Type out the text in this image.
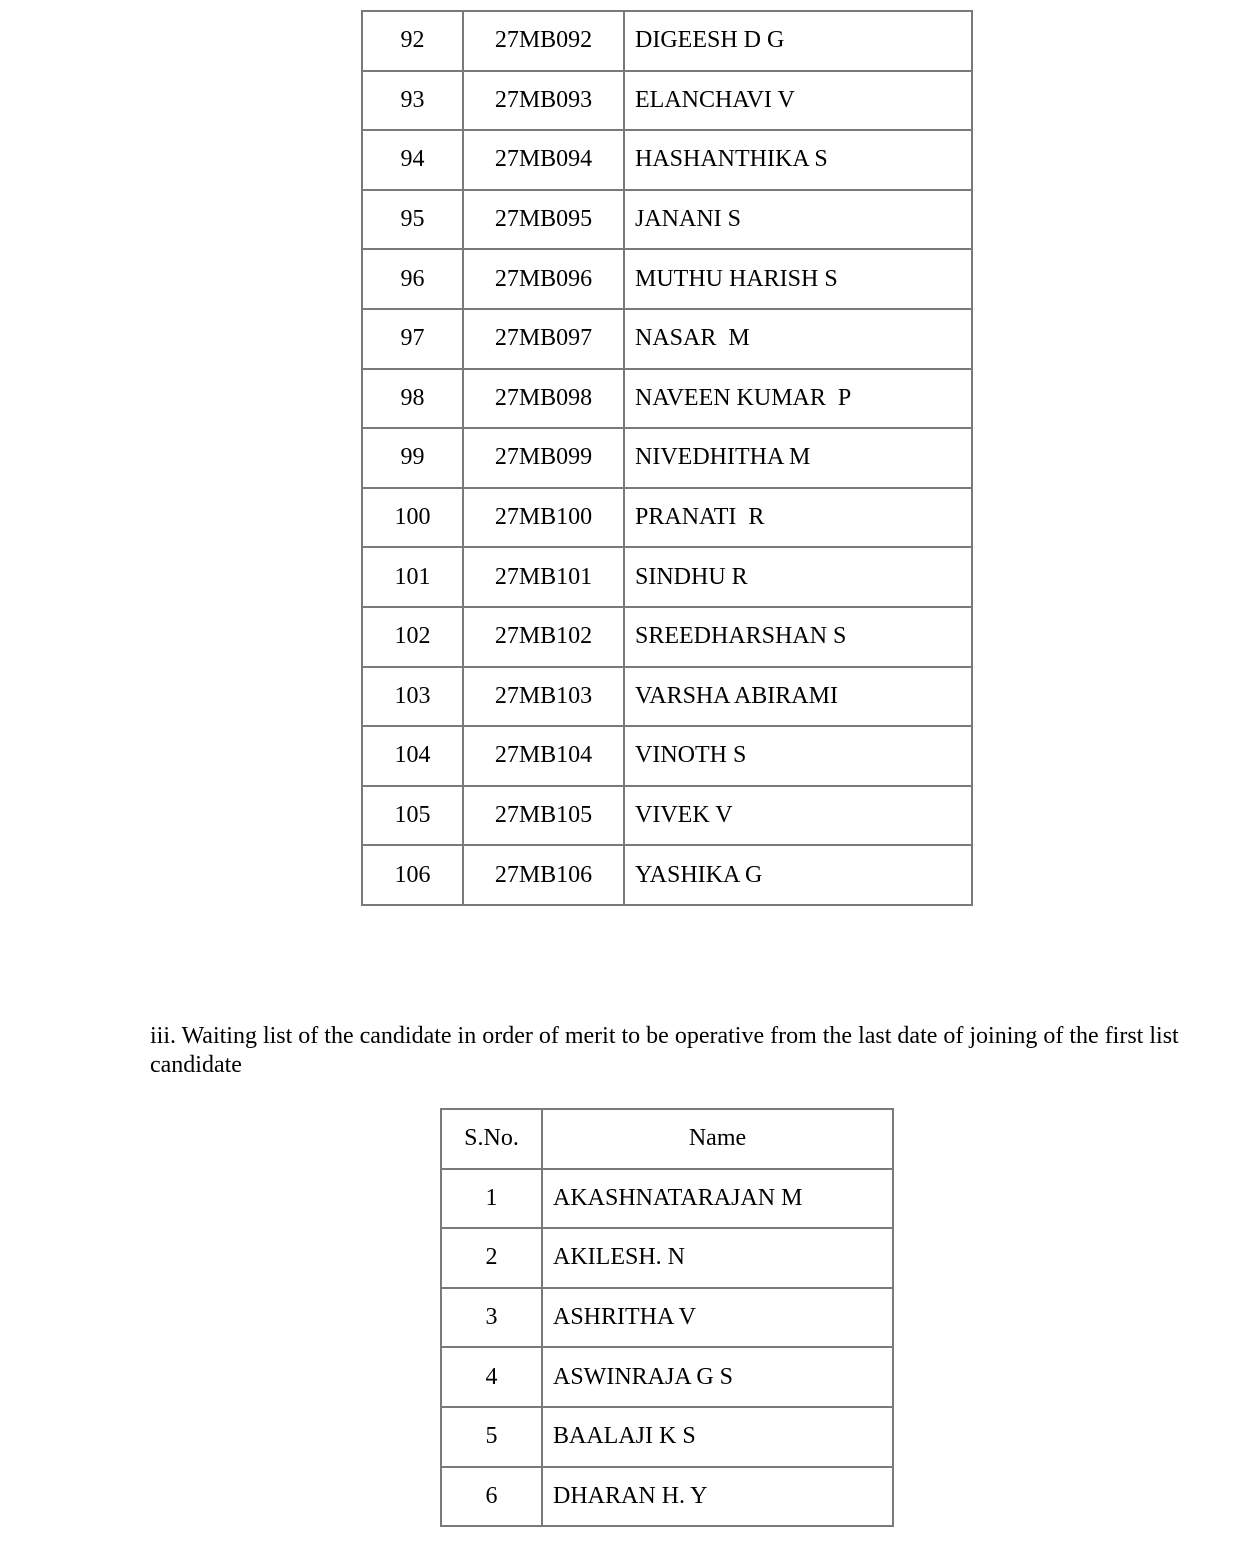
92	27MB092	DIGEESH D G
93	27MB093	ELANCHAVI V
94	27MB094	HASHANTHIKA S
95	27MB095	JANANI S
96	27MB096	MUTHU HARISH S
97	27MB097	NASAR  M
98	27MB098	NAVEEN KUMAR  P
99	27MB099	NIVEDHITHA M
100	27MB100	PRANATI  R
101	27MB101	SINDHU R
102	27MB102	SREEDHARSHAN S
103	27MB103	VARSHA ABIRAMI
104	27MB104	VINOTH S
105	27MB105	VIVEK V
106	27MB106	YASHIKA G

iii. Waiting list of the candidate in order of merit to be operative from the last date of joining of the first list candidate

S.No.	Name
1	AKASHNATARAJAN M
2	AKILESH. N
3	ASHRITHA V
4	ASWINRAJA G S
5	BAALAJI K S
6	DHARAN H. Y
